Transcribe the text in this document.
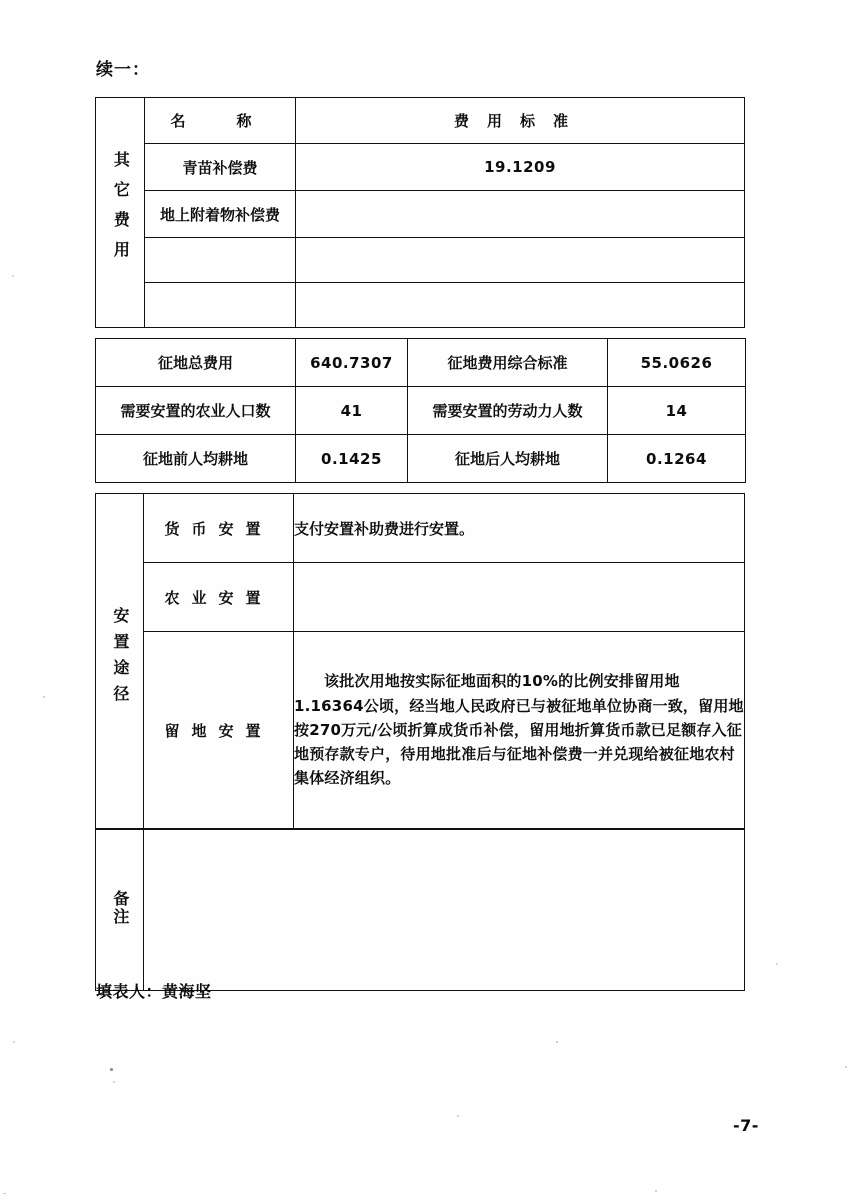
续一：
其它费用	名　称	费用标准
	青苗补偿费	19.1209
	地上附着物补偿费	

征地总费用	640.7307	征地费用综合标准	55.0626
需要安置的农业人口数	41	需要安置的劳动力人数	14
征地前人均耕地	0.1425	征地后人均耕地	0.1264
安置途径	货币安置	支付安置补助费进行安置。
	农业安置	
	留地安置	该批次用地按实际征地面积的10%的比例安排留用地1.16364公顷，经当地人民政府已与被征地单位协商一致，留用地按270万元/公顷折算成货币补偿，留用地折算货币款已足额存入征地预存款专户，待用地批准后与征地补偿费一并兑现给被征地农村集体经济组织。
备注	
填表人：黄海坚
-7-
